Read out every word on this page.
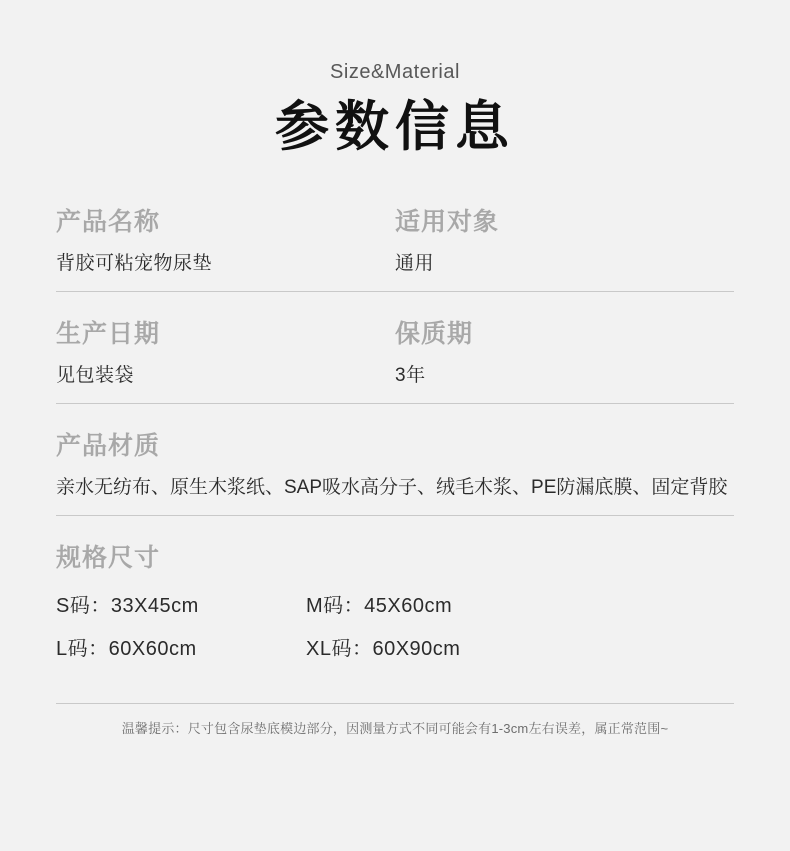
Size&Material
参数信息
产品名称
背胶可粘宠物尿垫
适用对象
通用
生产日期
见包装袋
保质期
3年
产品材质
亲水无纺布、原生木浆纸、SAP吸水高分子、绒毛木浆、PE防漏底膜、固定背胶
规格尺寸
S码：33X45cm	M码：45X60cm
L码：60X60cm	XL码：60X90cm
温馨提示：尺寸包含尿垫底模边部分，因测量方式不同可能会有1-3cm左右误差，属正常范围~
